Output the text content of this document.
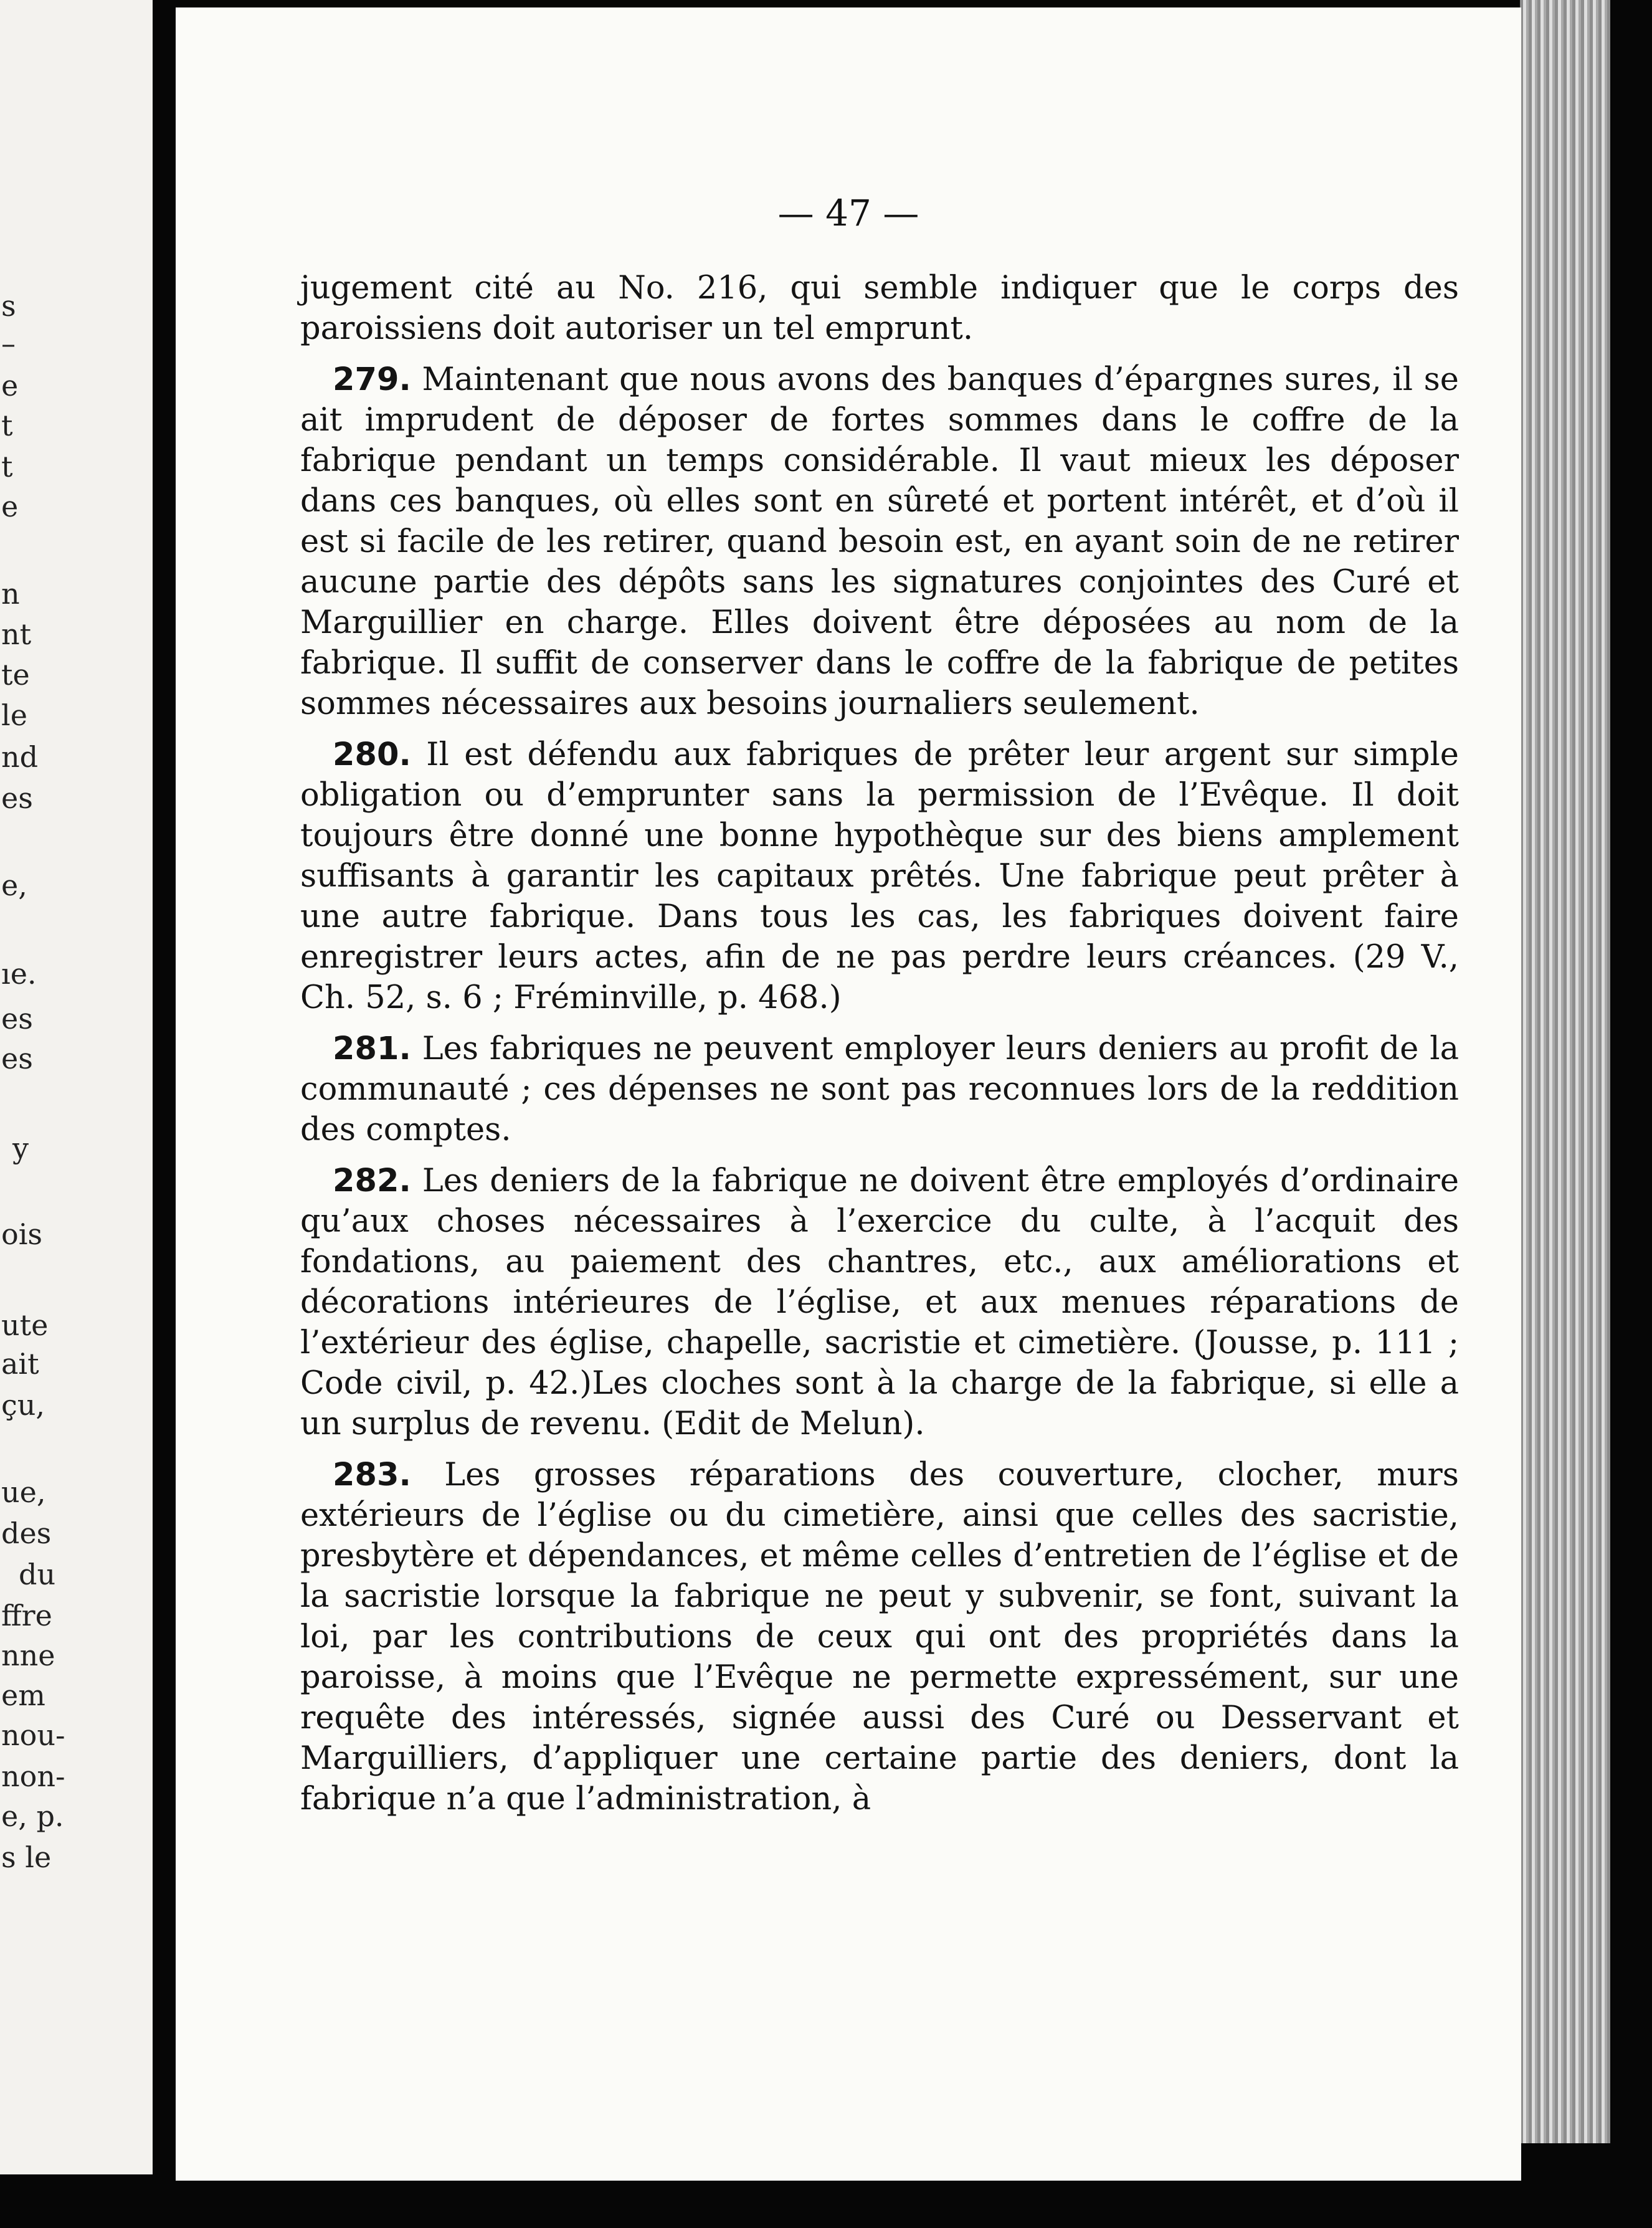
s
–
e
t
t
e
n
nt
te
le
nd
es
e,
ıe.
es
es
y
ois
ute
ait
çu,
ue,
des
du
ffre
nne
em
nou-
non-
e, p.
s le
— 47 —

jugement cité au No. 216, qui semble indiquer que le corps des paroissiens doit autoriser un tel emprunt.

279. Maintenant que nous avons des banques d’épargnes sures, il se ait imprudent de déposer de fortes sommes dans le coffre de la fabrique pendant un temps considérable. Il vaut mieux les déposer dans ces banques, où elles sont en sûreté et portent intérêt, et d’où il est si facile de les retirer, quand besoin est, en ayant soin de ne retirer aucune partie des dépôts sans les signatures conjointes des Curé et Marguillier en charge. Elles doivent être déposées au nom de la fabrique. Il suffit de conserver dans le coffre de la fabrique de petites sommes nécessaires aux besoins journaliers seulement.

280. Il est défendu aux fabriques de prêter leur argent sur simple obligation ou d’emprunter sans la permission de l’Evêque. Il doit toujours être donné une bonne hypothèque sur des biens amplement suffisants à garantir les capitaux prêtés. Une fabrique peut prêter à une autre fabrique. Dans tous les cas, les fabriques doivent faire enregistrer leurs actes, afin de ne pas perdre leurs créances. (29 V., Ch. 52, s. 6 ; Fréminville, p. 468.)

281. Les fabriques ne peuvent employer leurs deniers au profit de la communauté ; ces dépenses ne sont pas reconnues lors de la reddition des comptes.

282. Les deniers de la fabrique ne doivent être employés d’ordinaire qu’aux choses nécessaires à l’exercice du culte, à l’acquit des fondations, au paiement des chantres, etc., aux améliorations et décorations intérieures de l’église, et aux menues réparations de l’extérieur des église, chapelle, sacristie et cimetière. (Jousse, p. 111 ; Code civil, p. 42.)Les cloches sont à la charge de la fabrique, si elle a un surplus de revenu. (Edit de Melun).

283. Les grosses réparations des couverture, clocher, murs extérieurs de l’église ou du cimetière, ainsi que celles des sacristie, presbytère et dépendances, et même celles d’entretien de l’église et de la sacristie lorsque la fabrique ne peut y subvenir, se font, suivant la loi, par les contributions de ceux qui ont des propriétés dans la paroisse, à moins que l’Evêque ne permette expressément, sur une requête des intéressés, signée aussi des Curé ou Desservant et Marguilliers, d’appliquer une certaine partie des deniers, dont la fabrique n’a que l’administration, à
